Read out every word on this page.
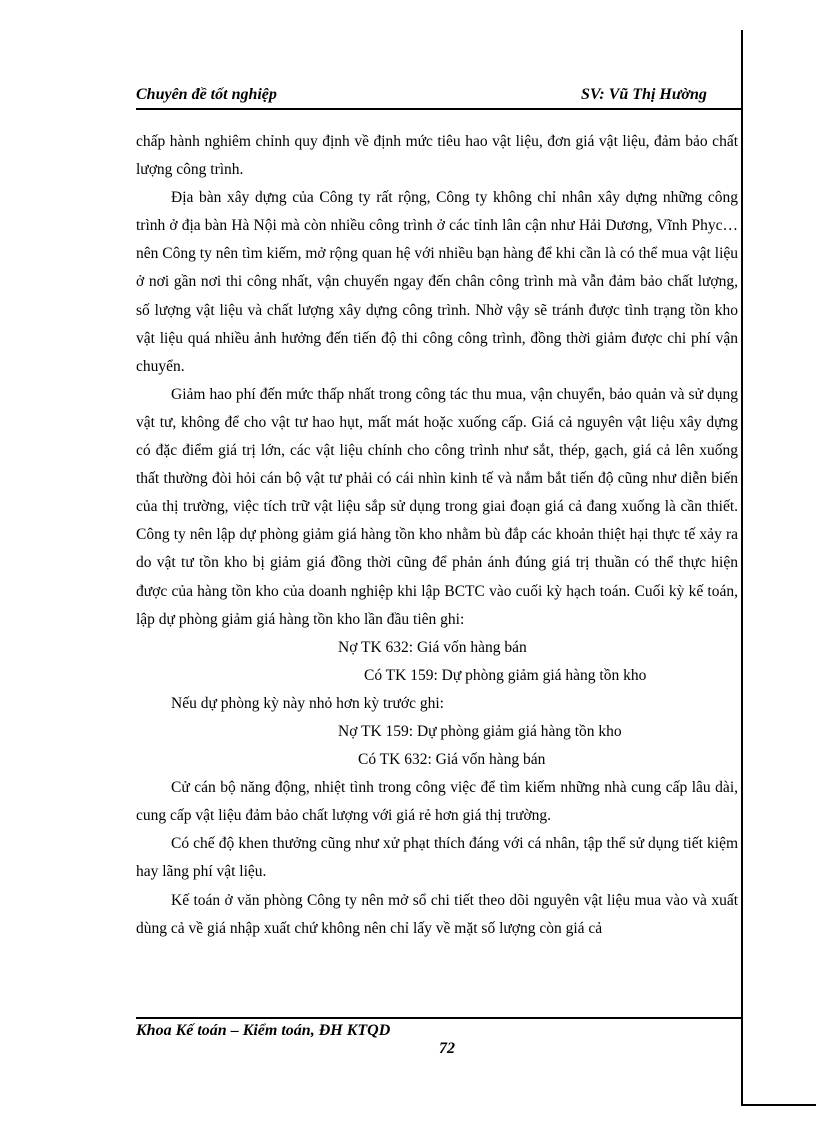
Chuyên đề tốt nghiệp	SV: Vũ Thị Hường

chấp hành nghiêm chỉnh quy định về định mức tiêu hao vật liệu, đơn giá vật liệu, đảm bảo chất lượng công trình.

Địa bàn xây dựng của Công ty rất rộng, Công ty không chỉ nhân xây dựng những công trình ở địa bàn Hà Nội mà còn nhiều công trình ở các tỉnh lân cận như Hải Dương, Vĩnh Phyc… nên Công ty nên tìm kiếm, mở rộng quan hệ với nhiều bạn hàng để khi cần là có thể mua vật liệu ở nơi gần nơi thi công nhất, vận chuyển ngay đến chân công trình mà vẫn đảm bảo chất lượng, số lượng vật liệu và chất lượng xây dựng công trình. Nhờ vậy sẽ tránh được tình trạng tồn kho vật liệu quá nhiều ảnh hưởng đến tiến độ thi công công trình, đồng thời giảm được chi phí vận chuyển.

Giảm hao phí đến mức thấp nhất trong công tác thu mua, vận chuyển, bảo quản và sử dụng vật tư, không để cho vật tư hao hụt, mất mát hoặc xuống cấp. Giá cả nguyên vật liệu xây dựng có đặc điểm giá trị lớn, các vật liệu chính cho công trình như sắt, thép, gạch, giá cả lên xuống thất thường đòi hỏi cán bộ vật tư phải có cái nhìn kinh tế và nắm bắt tiến độ cũng như diễn biến của thị trường, việc tích trữ vật liệu sắp sử dụng trong giai đoạn giá cả đang xuống là cần thiết. Công ty nên lập dự phòng giảm giá hàng tồn kho nhằm bù đắp các khoản thiệt hại thực tế xảy ra do vật tư tồn kho bị giảm giá đồng thời cũng để phản ánh đúng giá trị thuần có thể thực hiện được của hàng tồn kho của doanh nghiệp khi lập BCTC vào cuối kỳ hạch toán. Cuối kỳ kế toán, lập dự phòng giảm giá hàng tồn kho lần đầu tiên ghi:

Nợ TK 632: Giá vốn hàng bán

Có TK 159: Dự phòng giảm giá hàng tồn kho

Nếu dự phòng kỳ này nhỏ hơn kỳ trước ghi:

Nợ TK 159: Dự phòng giảm giá hàng tồn kho

Có TK 632: Giá vốn hàng bán

Cử cán bộ năng động, nhiệt tình trong công việc để tìm kiếm những nhà cung cấp lâu dài, cung cấp vật liệu đảm bảo chất lượng với giá rẻ hơn giá thị trường.

Có chế độ khen thưởng cũng như xử phạt thích đáng với cá nhân, tập thể sử dụng tiết kiệm hay lãng phí vật liệu.

Kế toán ở văn phòng Công ty nên mở sổ chi tiết theo dõi nguyên vật liệu mua vào và xuất dùng cả về giá nhập xuất chứ không nên chỉ lấy về mặt số lượng còn giá cả

Khoa Kế toán – Kiểm toán, ĐH KTQD
72
